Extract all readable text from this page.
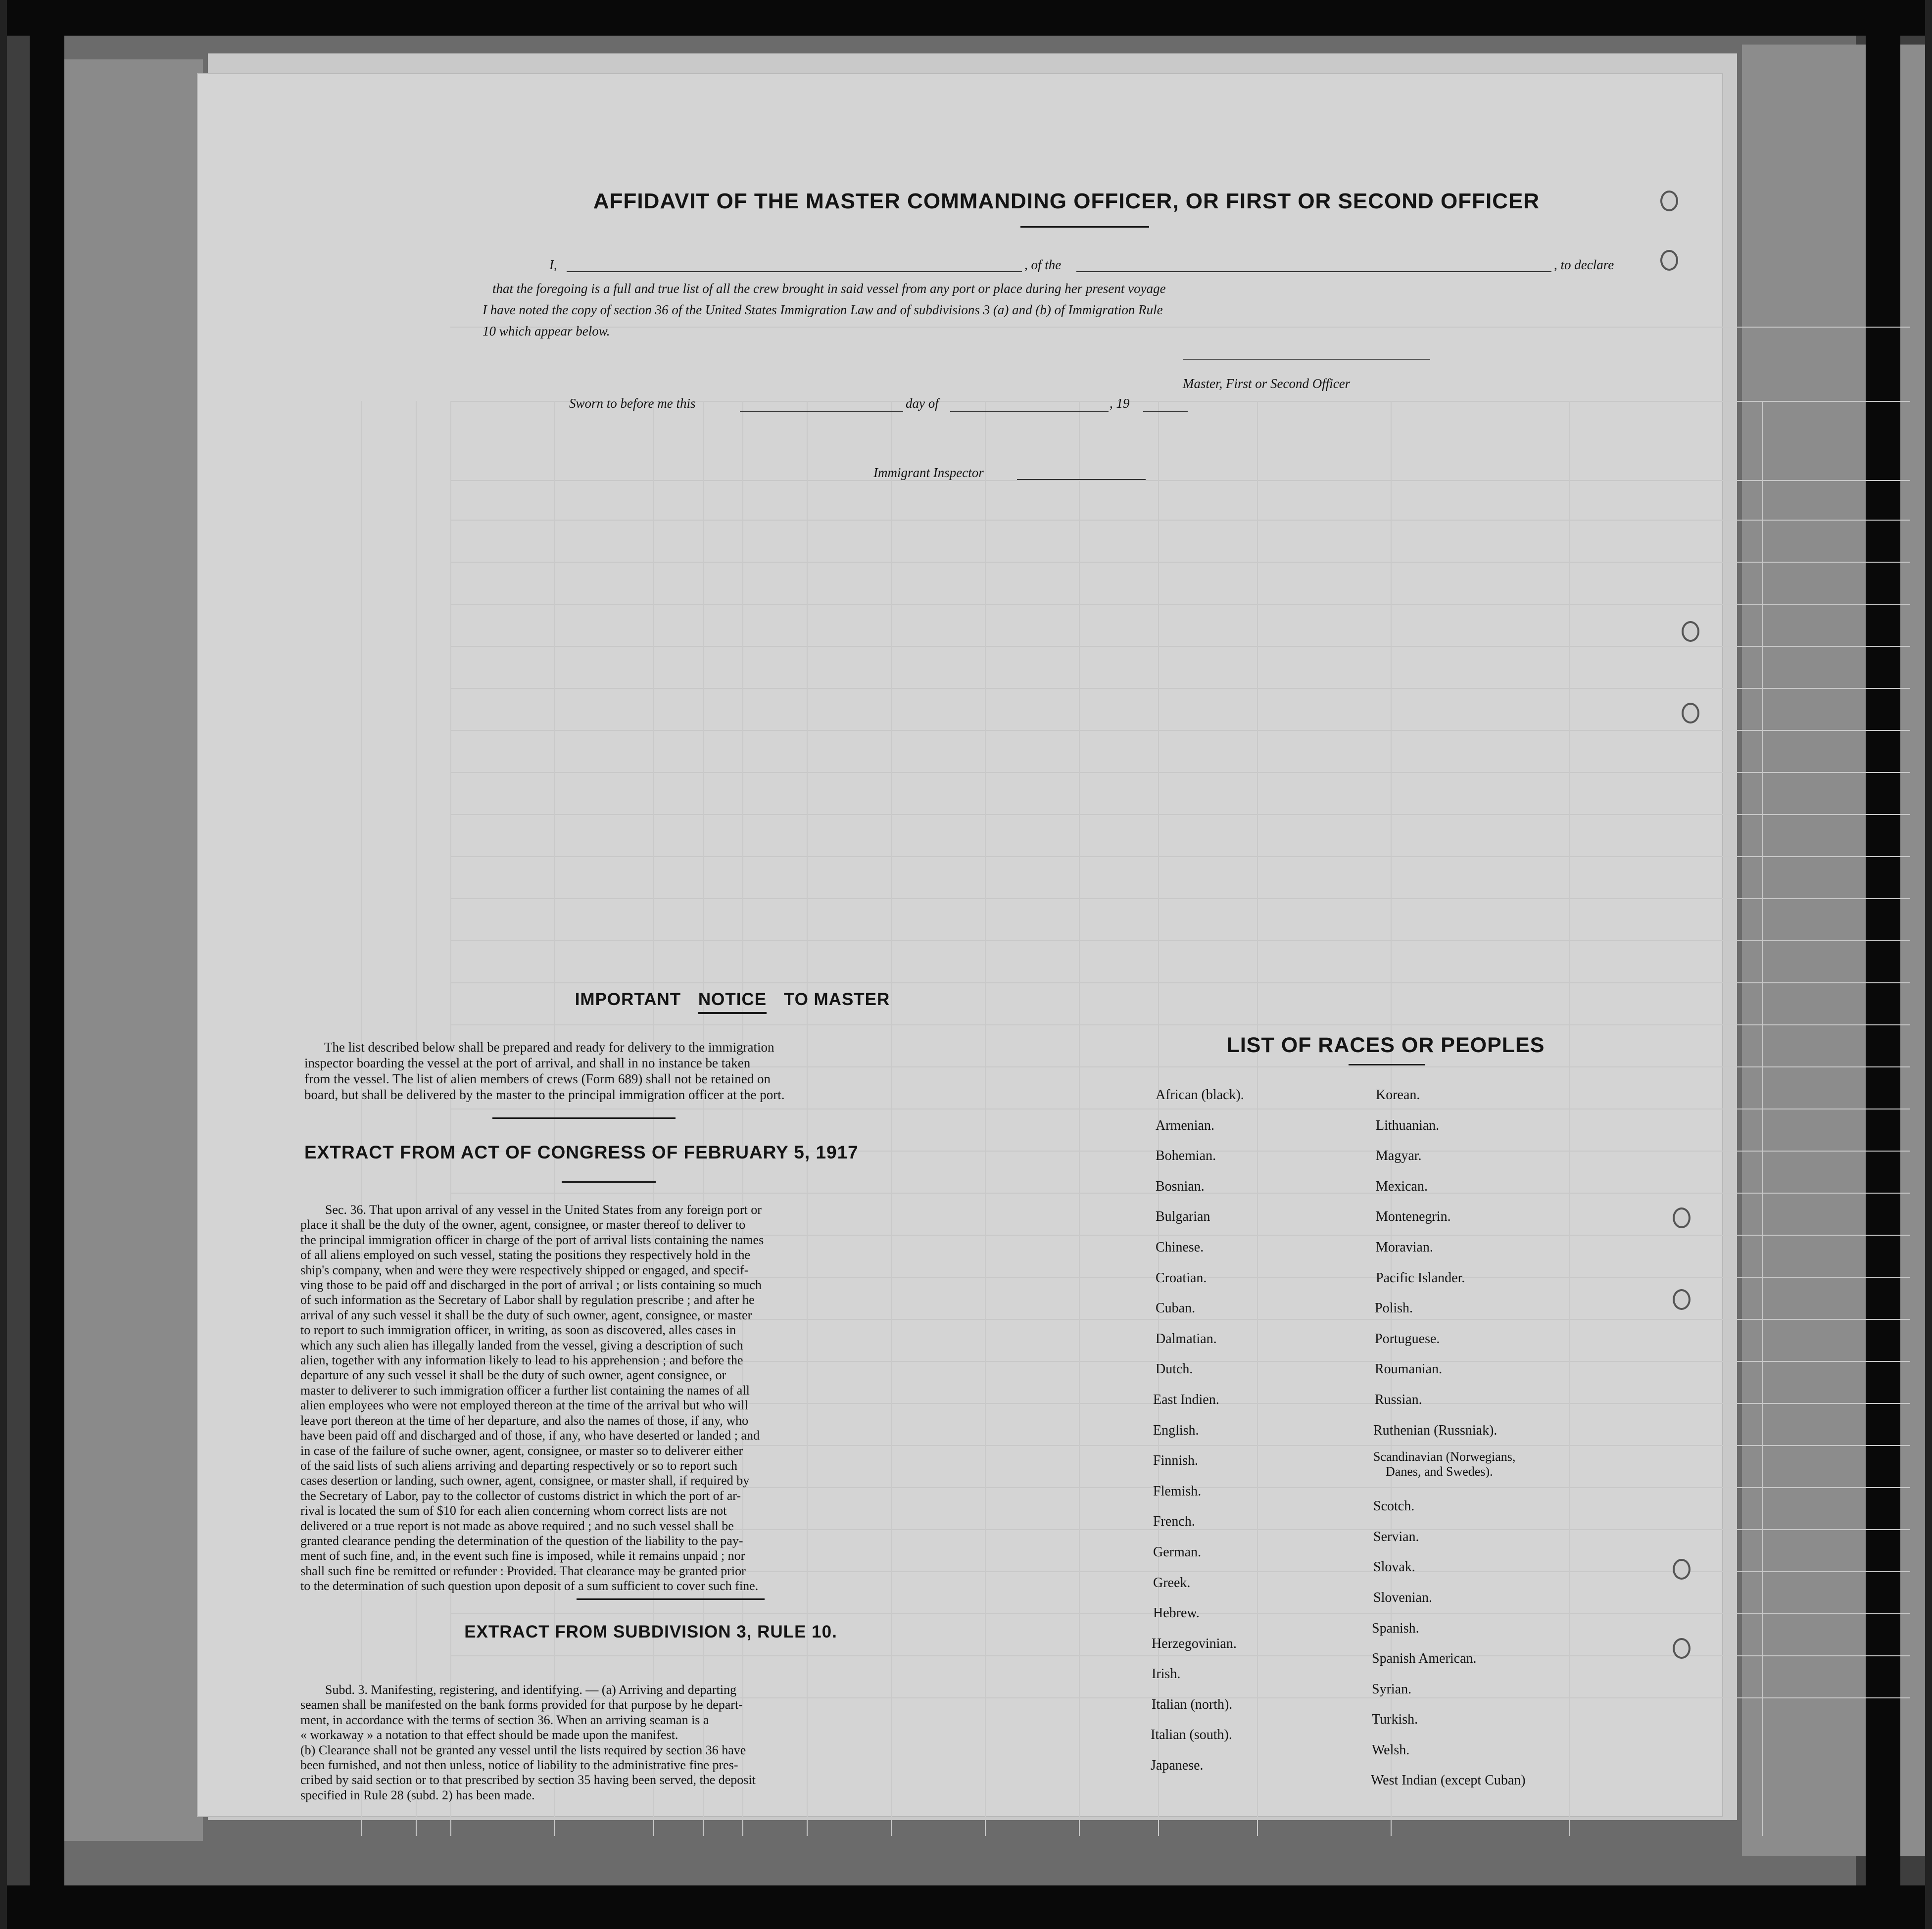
AFFIDAVIT OF THE MASTER COMMANDING OFFICER, OR FIRST OR SECOND OFFICER
I,	, of the	, to declare
that the foregoing is a full and true list of all the crew brought in said vessel from any port or place during her present voyage
I have noted the copy of section 36 of the United States Immigration Law and of subdivisions 3 (a) and (b) of Immigration Rule
10 which appear below.
Master, First or Second Officer
Sworn to before me this	day of	, 19
Immigrant Inspector
IMPORTANT NOTICE TO MASTER
The list described below shall be prepared and ready for delivery to the immigration
inspector boarding the vessel at the port of arrival, and shall in no instance be taken
from the vessel. The list of alien members of crews (Form 689) shall not be retained on
board, but shall be delivered by the master to the principal immigration officer at the port.
EXTRACT FROM ACT OF CONGRESS OF FEBRUARY 5, 1917
Sec. 36. That upon arrival of any vessel in the United States from any foreign port or
place it shall be the duty of the owner, agent, consignee, or master thereof to deliver to
the principal immigration officer in charge of the port of arrival lists containing the names
of all aliens employed on such vessel, stating the positions they respectively hold in the
ship's company, when and were they were respectively shipped or engaged, and specif-
ving those to be paid off and discharged in the port of arrival ; or lists containing so much
of such information as the Secretary of Labor shall by regulation prescribe ; and after he
arrival of any such vessel it shall be the duty of such owner, agent, consignee, or master
to report to such immigration officer, in writing, as soon as discovered, alles cases in
which any such alien has illegally landed from the vessel, giving a description of such
alien, together with any information likely to lead to his apprehension ; and before the
departure of any such vessel it shall be the duty of such owner, agent consignee, or
master to deliverer to such immigration officer a further list containing the names of all
alien employees who were not employed thereon at the time of the arrival but who will
leave port thereon at the time of her departure, and also the names of those, if any, who
have been paid off and discharged and of those, if any, who have deserted or landed ; and
in case of the failure of suche owner, agent, consignee, or master so to deliverer either
of the said lists of such aliens arriving and departing respectively or so to report such
cases desertion or landing, such owner, agent, consignee, or master shall, if required by
the Secretary of Labor, pay to the collector of customs district in which the port of ar-
rival is located the sum of $10 for each alien concerning whom correct lists are not
delivered or a true report is not made as above required ; and no such vessel shall be
granted clearance pending the determination of the question of the liability to the pay-
ment of such fine, and, in the event such fine is imposed, while it remains unpaid ; nor
shall such fine be remitted or refunder : Provided. That clearance may be granted prior
to the determination of such question upon deposit of a sum sufficient to cover such fine.
EXTRACT FROM SUBDIVISION 3, RULE 10.
Subd. 3. Manifesting, registering, and identifying. — (a) Arriving and departing
seamen shall be manifested on the bank forms provided for that purpose by he depart-
ment, in accordance with the terms of section 36. When an arriving seaman is a
« workaway » a notation to that effect should be made upon the manifest.
(b) Clearance shall not be granted any vessel until the lists required by section 36 have
been furnished, and not then unless, notice of liability to the administrative fine pres-
cribed by said section or to that prescribed by section 35 having been served, the deposit
specified in Rule 28 (subd. 2) has been made.
LIST OF RACES OR PEOPLES
African (black).
Armenian.
Bohemian.
Bosnian.
Bulgarian
Chinese.
Croatian.
Cuban.
Dalmatian.
Dutch.
East Indien.
English.
Finnish.
Flemish.
French.
German.
Greek.
Hebrew.
Herzegovinian.
Irish.
Italian (north).
Italian (south).
Japanese.
Korean.
Lithuanian.
Magyar.
Mexican.
Montenegrin.
Moravian.
Pacific Islander.
Polish.
Portuguese.
Roumanian.
Russian.
Ruthenian (Russniak).
Scandinavian (Norwegians,
Danes, and Swedes).
Scotch.
Servian.
Slovak.
Slovenian.
Spanish.
Spanish American.
Syrian.
Turkish.
Welsh.
West Indian (except Cuban)
